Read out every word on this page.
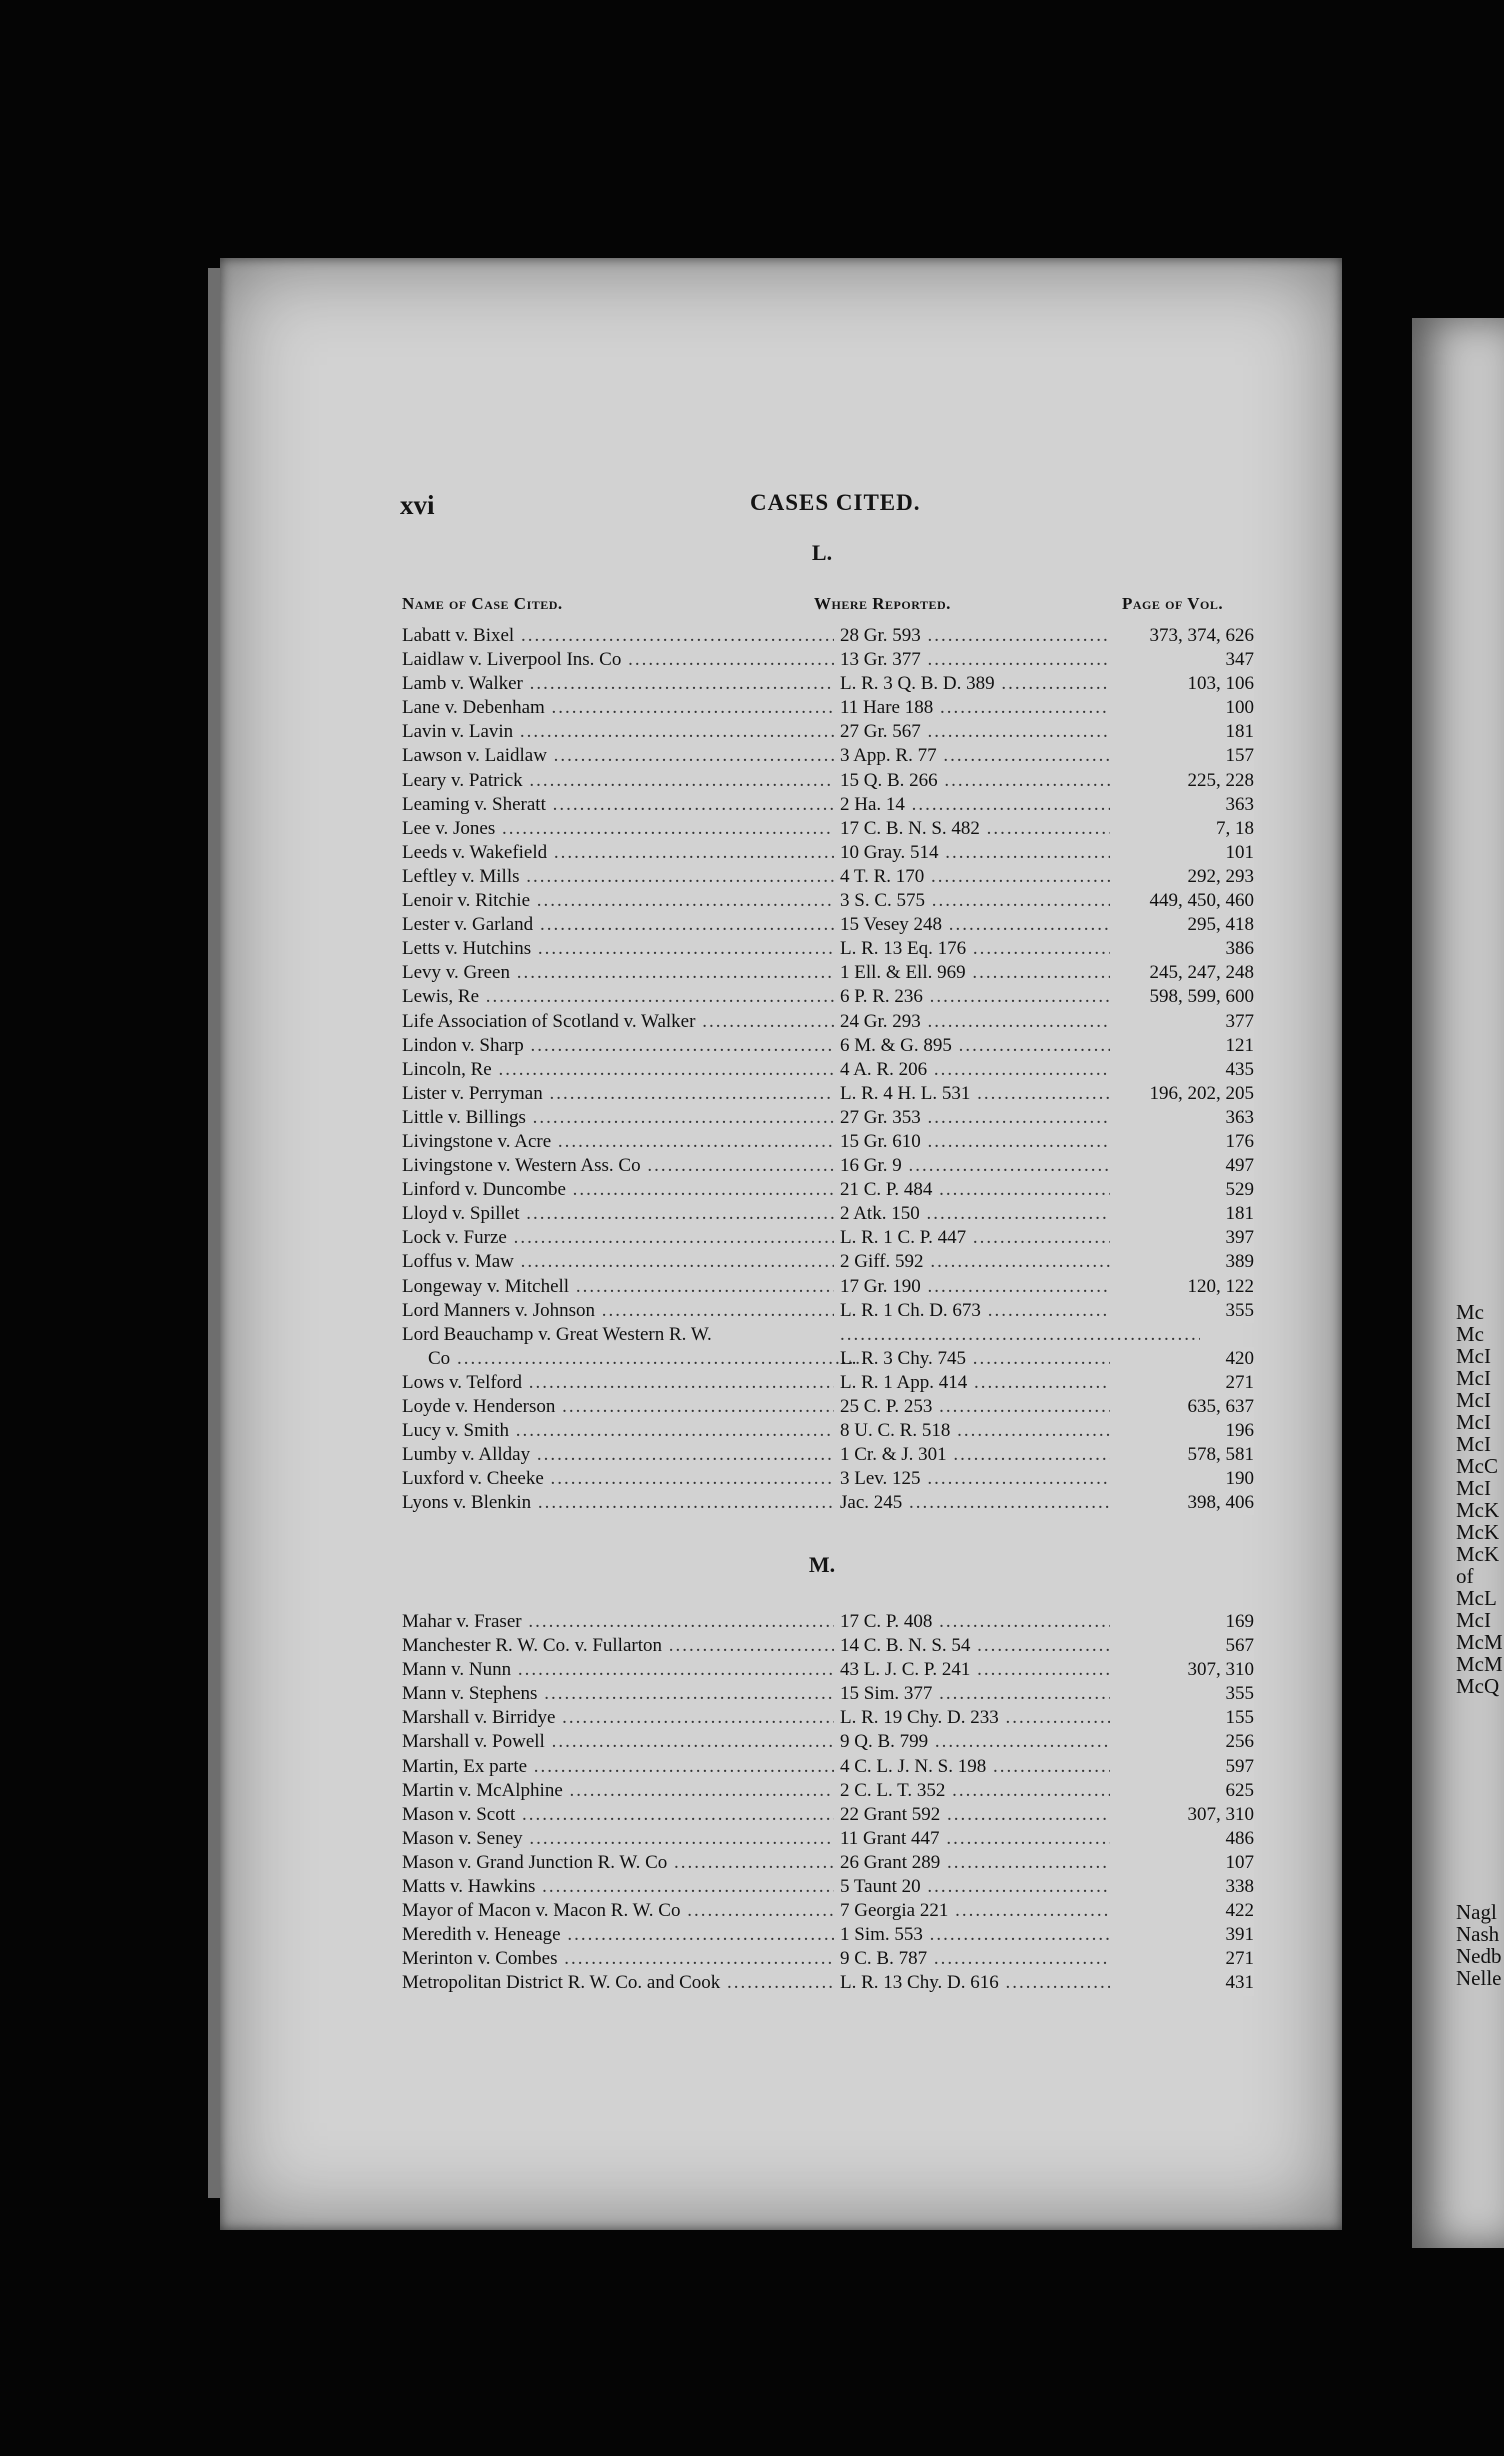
Mc
Mc
McI
McI
McI
McI
McI
McC
McI
McK
McK
McK
of
McL
McI
McM
McM
McQ
Nagl
Nash
Nedb
Nelle
xvi	CASES CITED.
Name of Case Cited.	Where Reported.	Page of Vol.
L.
Labatt v. Bixel .....	28 Gr. 593 .....	373, 374, 626
Laidlaw v. Liverpool Ins. Co .....	13 Gr. 377 .....	347
Lamb v. Walker .....	L. R. 3 Q. B. D. 389 .....	103, 106
Lane v. Debenham .....	11 Hare 188 .....	100
Lavin v. Lavin .....	27 Gr. 567 .....	181
Lawson v. Laidlaw .....	3 App. R. 77 .....	157
Leary v. Patrick .....	15 Q. B. 266 .....	225, 228
Leaming v. Sheratt .....	2 Ha. 14 .....	363
Lee v. Jones .....	17 C. B. N. S. 482 .....	7, 18
Leeds v. Wakefield .....	10 Gray. 514 .....	101
Leftley v. Mills .....	4 T. R. 170 .....	292, 293
Lenoir v. Ritchie .....	3 S. C. 575 .....	449, 450, 460
Lester v. Garland .....	15 Vesey 248 .....	295, 418
Letts v. Hutchins .....	L. R. 13 Eq. 176 .....	386
Levy v. Green .....	1 Ell. & Ell. 969 .....	245, 247, 248
Lewis, Re .....	6 P. R. 236 .....	598, 599, 600
Life Association of Scotland v. Walker .....	24 Gr. 293 .....	377
Lindon v. Sharp .....	6 M. & G. 895 .....	121
Lincoln, Re .....	4 A. R. 206 .....	435
Lister v. Perryman .....	L. R. 4 H. L. 531 .....	196, 202, 205
Little v. Billings .....	27 Gr. 353 .....	363
Livingstone v. Acre .....	15 Gr. 610 .....	176
Livingstone v. Western Ass. Co .....	16 Gr. 9 .....	497
Linford v. Duncombe .....	21 C. P. 484 .....	529
Lloyd v. Spillet .....	2 Atk. 150 .....	181
Lock v. Furze .....	L. R. 1 C. P. 447 .....	397
Loffus v. Maw .....	2 Giff. 592 .....	389
Longeway v. Mitchell .....	17 Gr. 190 .....	120, 122
Lord Manners v. Johnson .....	L. R. 1 Ch. D. 673 .....	355
Lord Beauchamp v. Great Western R. W.
.....
Co .....	L. R. 3 Chy. 745 .....	420
Lows v. Telford .....	L. R. 1 App. 414 .....	271
Loyde v. Henderson .....	25 C. P. 253 .....	635, 637
Lucy v. Smith .....	8 U. C. R. 518 .....	196
Lumby v. Allday .....	1 Cr. & J. 301 .....	578, 581
Luxford v. Cheeke .....	3 Lev. 125 .....	190
Lyons v. Blenkin .....	Jac. 245 .....	398, 406
M.
Mahar v. Fraser .....	17 C. P. 408 .....	169
Manchester R. W. Co. v. Fullarton .....	14 C. B. N. S. 54 .....	567
Mann v. Nunn .....	43 L. J. C. P. 241 .....	307, 310
Mann v. Stephens .....	15 Sim. 377 .....	355
Marshall v. Birridye .....	L. R. 19 Chy. D. 233 .....	155
Marshall v. Powell .....	9 Q. B. 799 .....	256
Martin, Ex parte .....	4 C. L. J. N. S. 198 .....	597
Martin v. McAlphine .....	2 C. L. T. 352 .....	625
Mason v. Scott .....	22 Grant 592 .....	307, 310
Mason v. Seney .....	11 Grant 447 .....	486
Mason v. Grand Junction R. W. Co .....	26 Grant 289 .....	107
Matts v. Hawkins .....	5 Taunt 20 .....	338
Mayor of Macon v. Macon R. W. Co .....	7 Georgia 221 .....	422
Meredith v. Heneage .....	1 Sim. 553 .....	391
Merinton v. Combes .....	9 C. B. 787 .....	271
Metropolitan District R. W. Co. and Cook .....	L. R. 13 Chy. D. 616 .....	431
